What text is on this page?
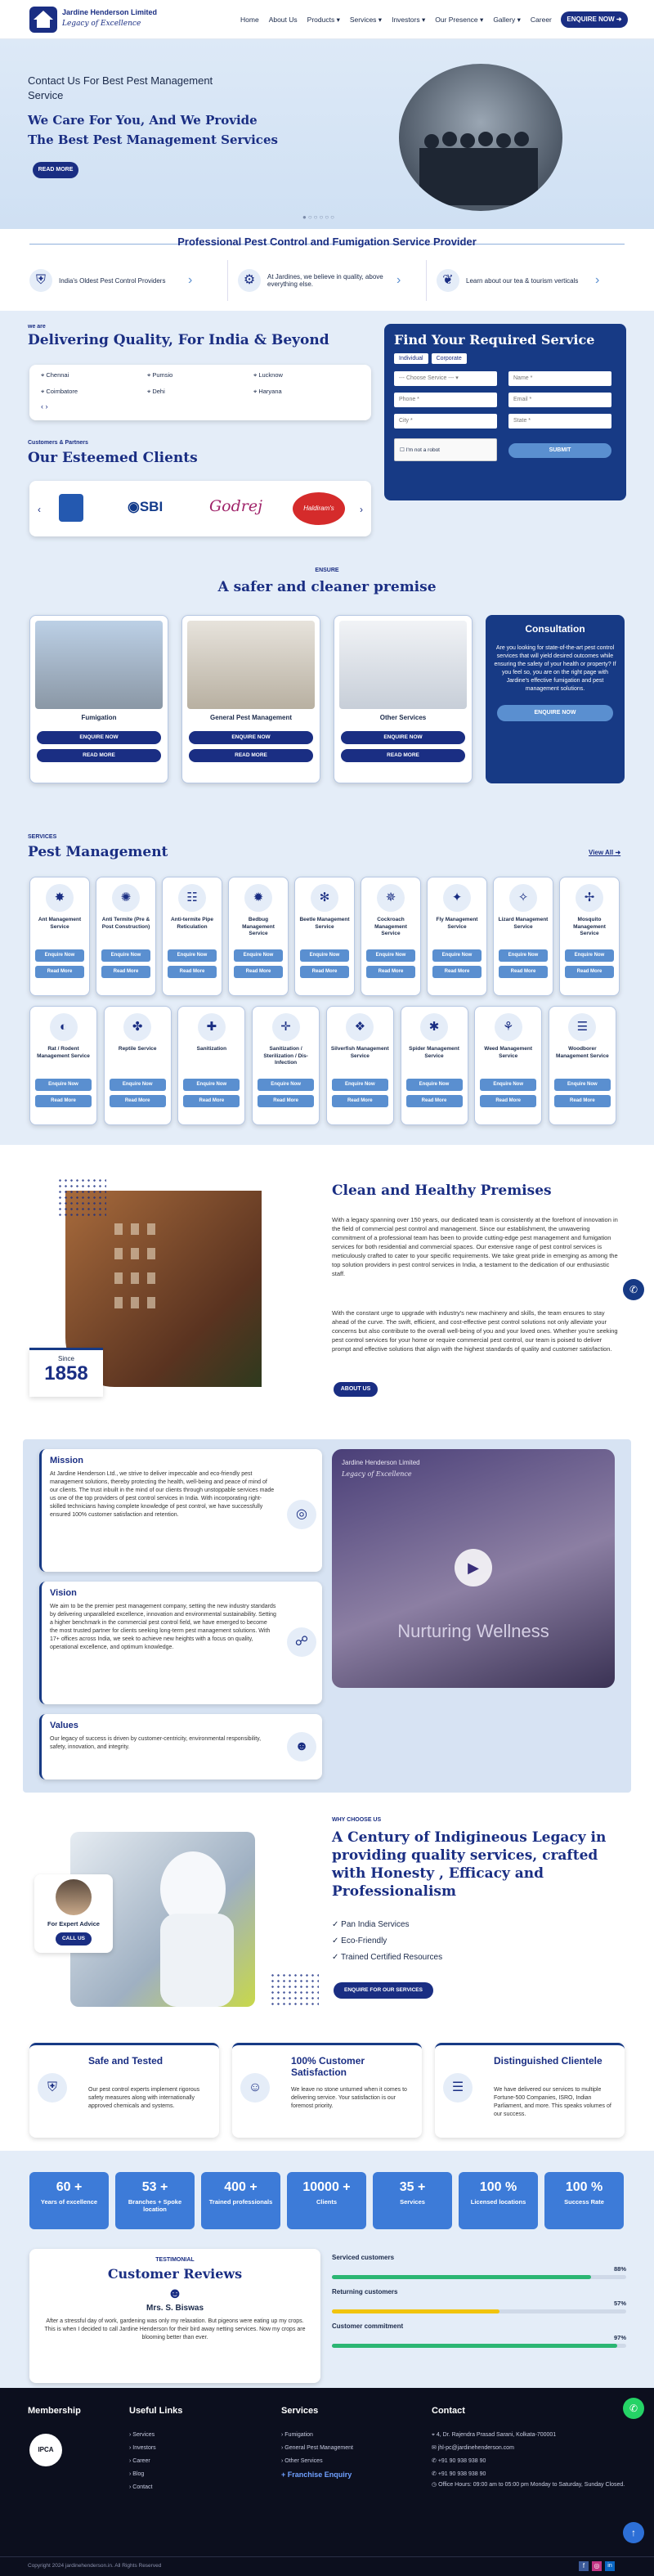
Jardine Henderson Limited
Legacy of Excellence	Home About Us Products ▾ Services ▾ Investors ▾ Our Presence ▾ Gallery ▾ Career	ENQUIRE NOW ➜
Contact Us For Best Pest Management Service
We Care For You, And We Provide
The Best Pest Management Services
READ MORE
●○○○○○
Professional Pest Control and Fumigation Service Provider
⛨	India's Oldest Pest Control Providers	›	⚙	At Jardines, we believe in quality, above everything else.	›	❦	Learn about our tea & tourism verticals	›
we are
Delivering Quality, For India & Beyond
⌖ Chennai	⌖ Pumsio	⌖ Lucknow
⌖ Coimbatore	⌖ Dehi	⌖ Haryana
‹ ›
Customers & Partners
Our Esteemed Clients
‹	◉SBI	Godrej	Haldiram's	›
Find Your Required Service
Individual	Corporate
--- Choose Service --- ▾	Name *
Phone *	Email *
City *	State *
☐ I'm not a robot	SUBMIT
ENSURE
A safer and cleaner premise
Fumigation
ENQUIRE NOW
READ MORE
General Pest Management
ENQUIRE NOW
READ MORE
Other Services
ENQUIRE NOW
READ MORE
Consultation
Are you looking for state-of-the-art pest control services that will yield desired outcomes while ensuring the safety of your health or property? If you feel so, you are on the right page with Jardine's effective fumigation and pest management solutions.
ENQUIRE NOW
SERVICES
Pest Management	View All ➜
✸
Ant Management Service
Enquire Now
Read More
✺
Anti Termite (Pre & Post Construction)
Enquire Now
Read More
☷
Anti-termite Pipe Reticulation
Enquire Now
Read More
✹
Bedbug Management Service
Enquire Now
Read More
✻
Beetle Management Service
Enquire Now
Read More
✵
Cockroach Management Service
Enquire Now
Read More
✦
Fly Management Service
Enquire Now
Read More
✧
Lizard Management Service
Enquire Now
Read More
✢
Mosquito Management Service
Enquire Now
Read More
◐
Rat / Rodent Management Service
Enquire Now
Read More
✤
Reptile Service
Enquire Now
Read More
✚
Sanitization
Enquire Now
Read More
✛
Sanitization / Sterilization / Dis-Infection
Enquire Now
Read More
❖
Silverfish Management Service
Enquire Now
Read More
✱
Spider Management Service
Enquire Now
Read More
⚘
Weed Management Service
Enquire Now
Read More
☰
Woodborer Management Service
Enquire Now
Read More
Since
1858
Clean and Healthy Premises
With a legacy spanning over 150 years, our dedicated team is consistently at the forefront of innovation in the field of commercial pest control and management. Since our establishment, the unwavering commitment of a professional team has been to provide cutting-edge pest management and fumigation services for both residential and commercial spaces. Our extensive range of pest control services is meticulously crafted to cater to your specific requirements. We take great pride in emerging as among the top solution providers in pest control services in India, a testament to the dedication of our enthusiastic staff.
With the constant urge to upgrade with industry's new machinery and skills, the team ensures to stay ahead of the curve. The swift, efficient, and cost-effective pest control solutions not only alleviate your concerns but also contribute to the overall well-being of you and your loved ones. Whether you're seeking pest control services for your home or require commercial pest control, our team is poised to deliver prompt and effective solutions that align with the highest standards of quality and customer satisfaction.
ABOUT US
✆
Mission
At Jardine Henderson Ltd., we strive to deliver impeccable and eco-friendly pest management solutions, thereby protecting the health, well-being and peace of mind of our clients. The trust inbuilt in the mind of our clients through unstoppable services made us one of the top providers of pest control services in India. With incorporating right-skilled technicians having complete knowledge of pest control, we have successfully ensured 100% customer satisfaction and retention.	◎
Vision
We aim to be the premier pest management company, setting the new industry standards by delivering unparalleled excellence, innovation and environmental sustainability. Setting a higher benchmark in the commercial pest control field, we have emerged to become the most trusted partner for clients seeking long-term pest management solutions. With 17+ offices across India, we seek to achieve new heights with a focus on quality, operational excellence, and optimum knowledge.	☍
Values
Our legacy of success is driven by customer-centricity, environmental responsibility, safety, innovation, and integrity.	☻
Jardine Henderson Limited
Legacy of Excellence
▶
Nurturing Wellness
For Expert Advice
CALL US
WHY CHOOSE US
A Century of Indigineous Legacy in providing quality services, crafted with Honesty , Efficacy and Professionalism
✓ Pan India Services
✓ Eco-Friendly
✓ Trained Certified Resources
ENQUIRE FOR OUR SERVICES
⛨
Safe and Tested
Our pest control experts implement rigorous safety measures along with internationally approved chemicals and systems.
☺
100% Customer Satisfaction
We leave no stone unturned when it comes to delivering service. Your satisfaction is our foremost priority.
☰
Distinguished Clientele
We have delivered our services to multiple Fortune-500 Companies, ISRO, Indian Parliament, and more. This speaks volumes of our success.
60 +
Years of excellence
53 +
Branches + Spoke location
400 +
Trained professionals
10000 +
Clients
35 +
Services
100 %
Licensed locations
100 %
Success Rate
TESTIMONIAL
Customer Reviews
☻
Mrs. S. Biswas
After a stressful day of work, gardening was only my relaxation. But pigeons were eating up my crops. This is when I decided to call Jardine Henderson for their bird away netting services. Now my crops are blooming better than ever.
Serviced customers
88%
Returning customers
57%
Customer commitment
97%
Membership
IPCA
Useful Links
› Services
› Investors
› Career
› Blog
› Contact
Services
› Fumigation
› General Pest Management
› Other Services
+ Franchise Enquiry
Contact
⌖ 4, Dr. Rajendra Prasad Sarani, Kolkata-700001
✉ jhl-pc@jardinehenderson.com
✆ +91 90 938 938 90
✆ +91 90 938 938 90
◷ Office Hours: 09:00 am to 05:00 pm Monday to Saturday, Sunday Closed.
✆
↑
Copyright 2024 jardinehenderson.in. All Rights Reserved	f	◎	in
